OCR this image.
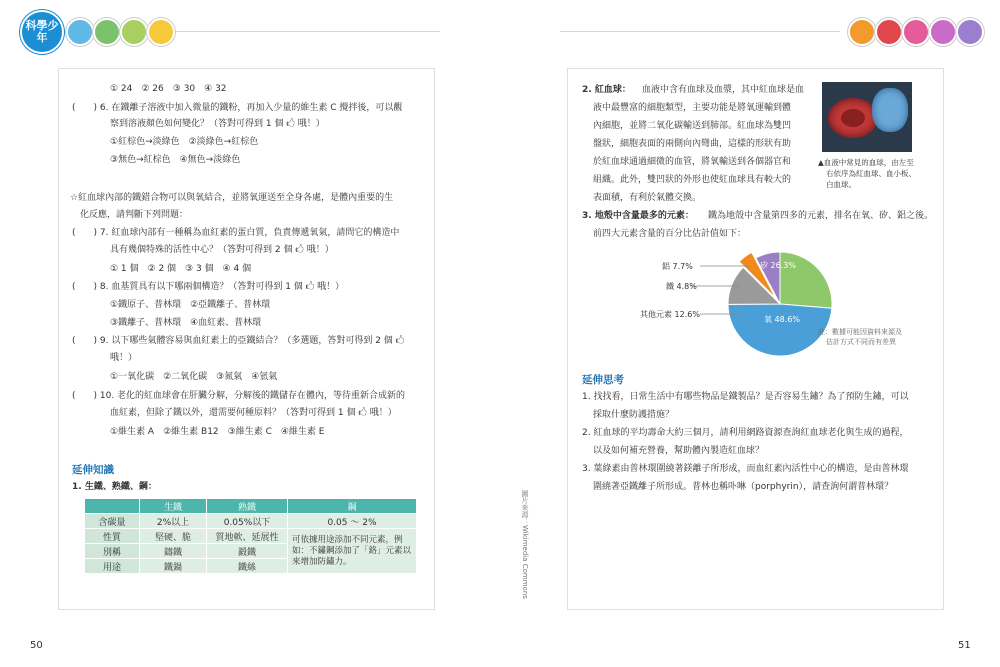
科學少年
① 24　② 26　③ 30　④ 32
(　　) 6. 在鐵離子溶液中加入微量的鐵粉，再加入少量的維生素 C 攪拌後，可以觀
察到溶液顏色如何變化？（答對可得到 1 個 🖒 哦！）
①紅棕色→淡綠色　②淡綠色→紅棕色
③無色→紅棕色　④無色→淡綠色
☆紅血球內部的鐵錯合物可以與氧結合，並將氧運送至全身各處，是體內重要的生
化反應，請判斷下列問題：
(　　) 7. 紅血球內部有一種稱為血紅素的蛋白質，負責傳遞氧氣，請問它的構造中
具有幾個特殊的活性中心？（答對可得到 2 個 🖒 哦！）
① 1 個　② 2 個　③ 3 個　④ 4 個
(　　) 8. 血基質具有以下哪兩個構造？（答對可得到 1 個 🖒 哦！）
①鐵原子、普林環　②亞鐵離子、普林環
③鐵離子、普林環　④血紅素、普林環
(　　) 9. 以下哪些氣體容易與血紅素上的亞鐵結合？（多選題，答對可得到 2 個 🖒
哦！）
①一氧化碳　②二氧化碳　③氮氣　④氫氣
(　　) 10. 老化的紅血球會在肝臟分解，分解後的鐵儲存在體內，等待重新合成新的
血紅素，但除了鐵以外，還需要何種原料？（答對可得到 1 個 🖒 哦！）
①維生素 A　②維生素 B12　③維生素 C　④維生素 E
延伸知識
1. 生鐵、熟鐵、鋼：
	生鐵	熟鐵	鋼
含碳量	2%以上	0.05%以下	0.05 ～ 2%
性質	堅硬、脆	質地軟、延展性	可依據用途添加不同元素，例如：不鏽鋼添加了「鉻」元素以來增加防鏽力。
別稱	鑄鐵	鍛鐵	
用途	鐵鍋	鐵絲		圖片來源：Wikimedia Commons
2. 紅血球： 血液中含有血球及血漿，其中紅血球是血
液中最豐富的細胞類型，主要功能是將氧運輸到體
內細胞，並將二氧化碳輸送到肺部。紅血球為雙凹
盤狀，細胞表面的兩側向內彎曲，這樣的形狀有助
於紅血球通過細微的血管，將氧輸送到各個器官和
組織。此外，雙凹狀的外形也使紅血球具有較大的
表面積，有利於氣體交換。
▲血液中常見的血球，由左至
右依序為紅血球、血小板、
白血球。
3. 地殼中含量最多的元素： 鐵為地殼中含量第四多的元素，排名在氧、矽、鋁之後。
前四大元素含量的百分比估計值如下：
鋁 7.7%
鐵 4.8%
其他元素 12.6%
矽 26.3%
氧 48.6%
註：數據可能因資料來源及
估計方式不同而有差異
延伸思考
1. 找找看，日常生活中有哪些物品是鐵製品？是否容易生鏽？為了預防生鏽，可以
採取什麼防護措施？
2. 紅血球的平均壽命大約三個月，請利用網路資源查詢紅血球老化與生成的過程，
以及如何補充營養，幫助體內製造紅血球？
3. 葉綠素由普林環圍繞著鎂離子所形成，而血紅素內活性中心的構造，是由普林環
圍繞著亞鐵離子所形成。普林也稱卟啉（porphyrin），請查詢何謂普林環？
50	51
